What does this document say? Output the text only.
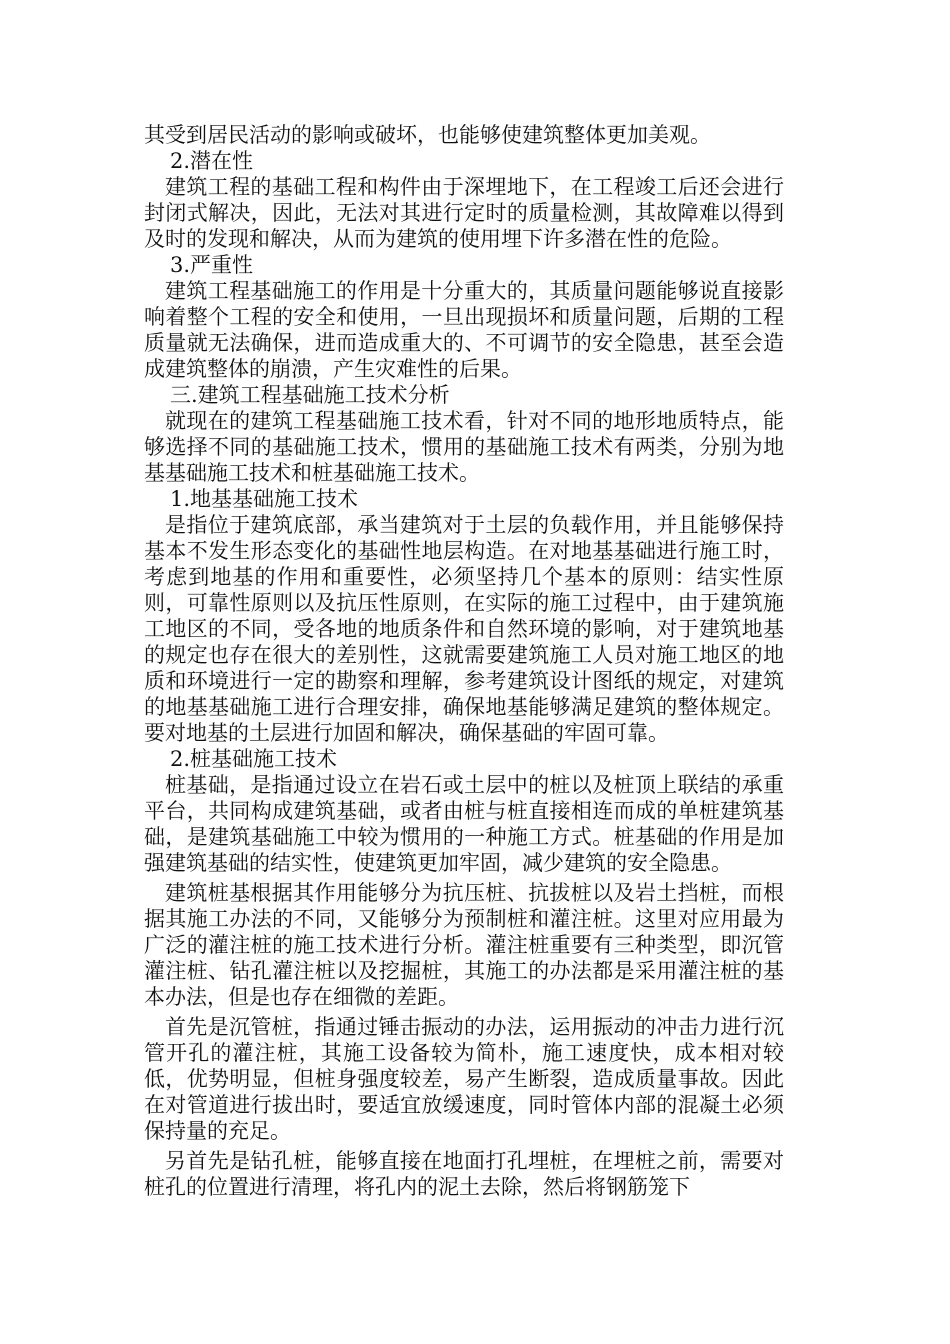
其受到居民活动的影响或破坏，也能够使建筑整体更加美观。

2.潜在性

建筑工程的基础工程和构件由于深埋地下，在工程竣工后还会进行封闭式解决，因此，无法对其进行定时的质量检测，其故障难以得到及时的发现和解决，从而为建筑的使用埋下许多潜在性的危险。

3.严重性

建筑工程基础施工的作用是十分重大的，其质量问题能够说直接影响着整个工程的安全和使用，一旦出现损坏和质量问题，后期的工程质量就无法确保，进而造成重大的、不可调节的安全隐患，甚至会造成建筑整体的崩溃，产生灾难性的后果。

三.建筑工程基础施工技术分析

就现在的建筑工程基础施工技术看，针对不同的地形地质特点，能够选择不同的基础施工技术，惯用的基础施工技术有两类，分别为地基基础施工技术和桩基础施工技术。

1.地基基础施工技术

是指位于建筑底部，承当建筑对于土层的负载作用，并且能够保持基本不发生形态变化的基础性地层构造。在对地基基础进行施工时，考虑到地基的作用和重要性，必须坚持几个基本的原则：结实性原则，可靠性原则以及抗压性原则，在实际的施工过程中，由于建筑施工地区的不同，受各地的地质条件和自然环境的影响，对于建筑地基的规定也存在很大的差别性，这就需要建筑施工人员对施工地区的地质和环境进行一定的勘察和理解，参考建筑设计图纸的规定，对建筑的地基基础施工进行合理安排，确保地基能够满足建筑的整体规定。要对地基的土层进行加固和解决，确保基础的牢固可靠。

2.桩基础施工技术

桩基础，是指通过设立在岩石或土层中的桩以及桩顶上联结的承重平台，共同构成建筑基础，或者由桩与桩直接相连而成的单桩建筑基础，是建筑基础施工中较为惯用的一种施工方式。桩基础的作用是加强建筑基础的结实性，使建筑更加牢固，减少建筑的安全隐患。

建筑桩基根据其作用能够分为抗压桩、抗拔桩以及岩土挡桩，而根据其施工办法的不同，又能够分为预制桩和灌注桩。这里对应用最为广泛的灌注桩的施工技术进行分析。灌注桩重要有三种类型，即沉管灌注桩、钻孔灌注桩以及挖掘桩，其施工的办法都是采用灌注桩的基本办法，但是也存在细微的差距。

首先是沉管桩，指通过锤击振动的办法，运用振动的冲击力进行沉管开孔的灌注桩，其施工设备较为简朴，施工速度快，成本相对较低，优势明显，但桩身强度较差，易产生断裂，造成质量事故。因此在对管道进行拔出时，要适宜放缓速度，同时管体内部的混凝土必须保持量的充足。

另首先是钻孔桩，能够直接在地面打孔埋桩，在埋桩之前，需要对桩孔的位置进行清理，将孔内的泥土去除，然后将钢筋笼下
